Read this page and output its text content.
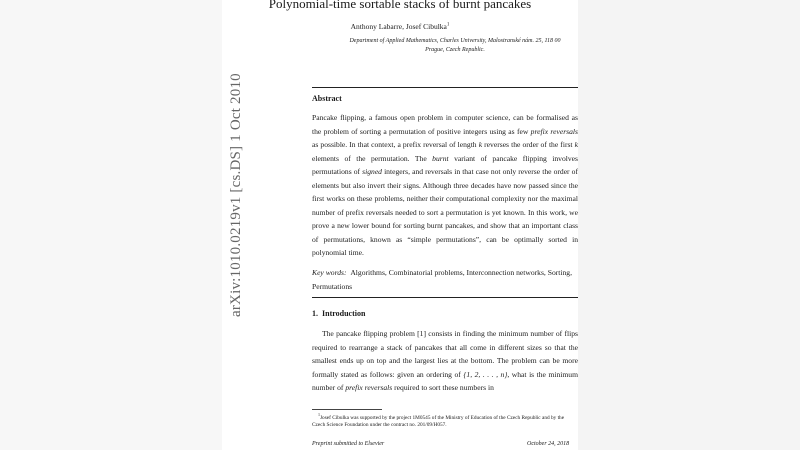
arXiv:1010.0219v1 [cs.DS] 1 Oct 2010
Polynomial-time sortable stacks of burnt pancakes
Anthony Labarre, Josef Cibulka$^1$
Department of Applied Mathematics, Charles University, Malostranské nám. 25, 118 00
Prague, Czech Republic.
Abstract
Pancake flipping, a famous open problem in computer science, can be formalised as the problem of sorting a permutation of positive integers using as few prefix reversals as possible. In that context, a prefix reversal of length k reverses the order of the first k elements of the permutation. The burnt variant of pancake flipping involves permutations of signed integers, and reversals in that case not only reverse the order of elements but also invert their signs. Although three decades have now passed since the first works on these problems, neither their computational complexity nor the maximal number of prefix reversals needed to sort a permutation is yet known. In this work, we prove a new lower bound for sorting burnt pancakes, and show that an important class of permutations, known as “simple permutations”, can be optimally sorted in polynomial time.
Key words: Algorithms, Combinatorial problems, Interconnection networks, Sorting, Permutations
1. Introduction
The pancake flipping problem [1] consists in finding the minimum number of flips required to rearrange a stack of pancakes that all come in different sizes so that the smallest ends up on top and the largest lies at the bottom. The problem can be more formally stated as follows: given an ordering of {1, 2, . . . , n}, what is the minimum number of prefix reversals required to sort these numbers in
$^1$Josef Cibulka was supported by the project 1M0545 of the Ministry of Education of the Czech Republic and by the Czech Science Foundation under the contract no. 201/09/H057.
Preprint submitted to Elsevier	October 24, 2018
